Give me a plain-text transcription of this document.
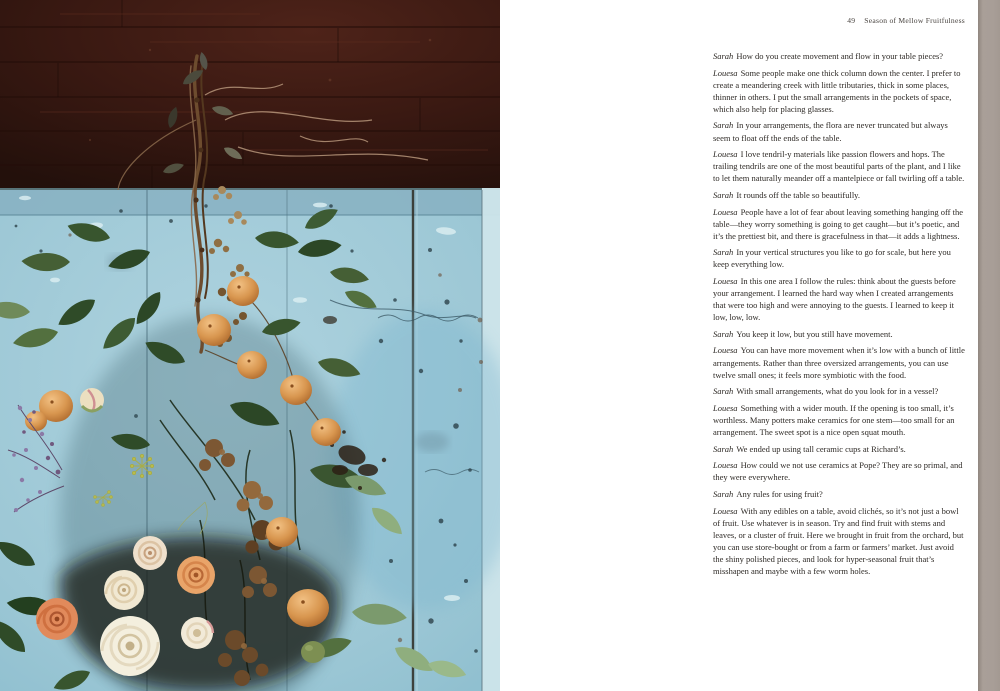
49 Season of Mellow Fruitfulness

Sarah How do you create movement and flow in your table pieces?

Louesa Some people make one thick column down the center. I prefer to create a meandering creek with little tributaries, thick in some places, thinner in others. I put the small arrangements in the pockets of space, which also help for placing glasses.

Sarah In your arrangements, the flora are never truncated but always seem to float off the ends of the table.

Louesa I love tendril-y materials like passion flowers and hops. The trailing tendrils are one of the most beautiful parts of the plant, and I like to let them naturally meander off a mantelpiece or fall twirling off a table.

Sarah It rounds off the table so beautifully.

Louesa People have a lot of fear about leaving something hanging off the table—they worry something is going to get caught—but it’s poetic, and it’s the prettiest bit, and there is gracefulness in that—it adds a lightness.

Sarah In your vertical structures you like to go for scale, but here you keep everything low.

Louesa In this one area I follow the rules: think about the guests before your arrangement. I learned the hard way when I created arrangements that were too high and were annoying to the guests. I learned to keep it low, low, low.

Sarah You keep it low, but you still have movement.

Louesa You can have more movement when it’s low with a bunch of little arrangements. Rather than three oversized arrangements, you can use twelve small ones; it feels more symbiotic with the food.

Sarah With small arrangements, what do you look for in a vessel?

Louesa Something with a wider mouth. If the opening is too small, it’s worthless. Many potters make ceramics for one stem—too small for an arrangement. The sweet spot is a nice open squat mouth.

Sarah We ended up using tall ceramic cups at Richard’s.

Louesa How could we not use ceramics at Pope? They are so primal, and they were everywhere.

Sarah Any rules for using fruit?

Louesa With any edibles on a table, avoid clichés, so it’s not just a bowl of fruit. Use whatever is in season. Try and find fruit with stems and leaves, or a cluster of fruit. Here we brought in fruit from the orchard, but you can use store-bought or from a farm or farmers’ market. Just avoid the shiny polished pieces, and look for hyper-seasonal fruit that’s misshapen and maybe with a few worm holes.
